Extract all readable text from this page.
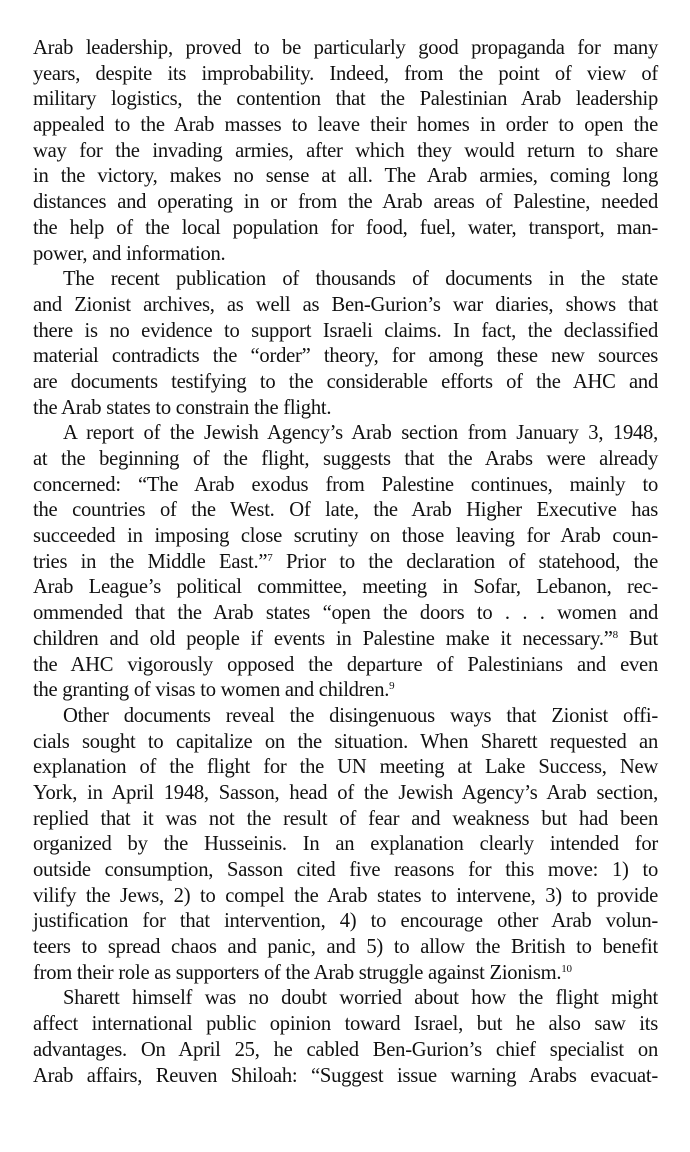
Arab leadership, proved to be particularly good propaganda for many
years, despite its improbability. Indeed, from the point of view of
military logistics, the contention that the Palestinian Arab leadership
appealed to the Arab masses to leave their homes in order to open the
way for the invading armies, after which they would return to share
in the victory, makes no sense at all. The Arab armies, coming long
distances and operating in or from the Arab areas of Palestine, needed
the help of the local population for food, fuel, water, transport, man-
power, and information.
The recent publication of thousands of documents in the state
and Zionist archives, as well as Ben-Gurion’s war diaries, shows that
there is no evidence to support Israeli claims. In fact, the declassified
material contradicts the “order” theory, for among these new sources
are documents testifying to the considerable efforts of the AHC and
the Arab states to constrain the flight.
A report of the Jewish Agency’s Arab section from January 3, 1948,
at the beginning of the flight, suggests that the Arabs were already
concerned: “The Arab exodus from Palestine continues, mainly to
the countries of the West. Of late, the Arab Higher Executive has
succeeded in imposing close scrutiny on those leaving for Arab coun-
tries in the Middle East.”$^7$ Prior to the declaration of statehood, the
Arab League’s political committee, meeting in Sofar, Lebanon, rec-
ommended that the Arab states “open the doors to . . . women and
children and old people if events in Palestine make it necessary.”$^8$ But
the AHC vigorously opposed the departure of Palestinians and even
the granting of visas to women and children.$^9$
Other documents reveal the disingenuous ways that Zionist offi-
cials sought to capitalize on the situation. When Sharett requested an
explanation of the flight for the UN meeting at Lake Success, New
York, in April 1948, Sasson, head of the Jewish Agency’s Arab section,
replied that it was not the result of fear and weakness but had been
organized by the Husseinis. In an explanation clearly intended for
outside consumption, Sasson cited five reasons for this move: 1) to
vilify the Jews, 2) to compel the Arab states to intervene, 3) to provide
justification for that intervention, 4) to encourage other Arab volun-
teers to spread chaos and panic, and 5) to allow the British to benefit
from their role as supporters of the Arab struggle against Zionism.$^{10}$
Sharett himself was no doubt worried about how the flight might
affect international public opinion toward Israel, but he also saw its
advantages. On April 25, he cabled Ben-Gurion’s chief specialist on
Arab affairs, Reuven Shiloah: “Suggest issue warning Arabs evacuat-
